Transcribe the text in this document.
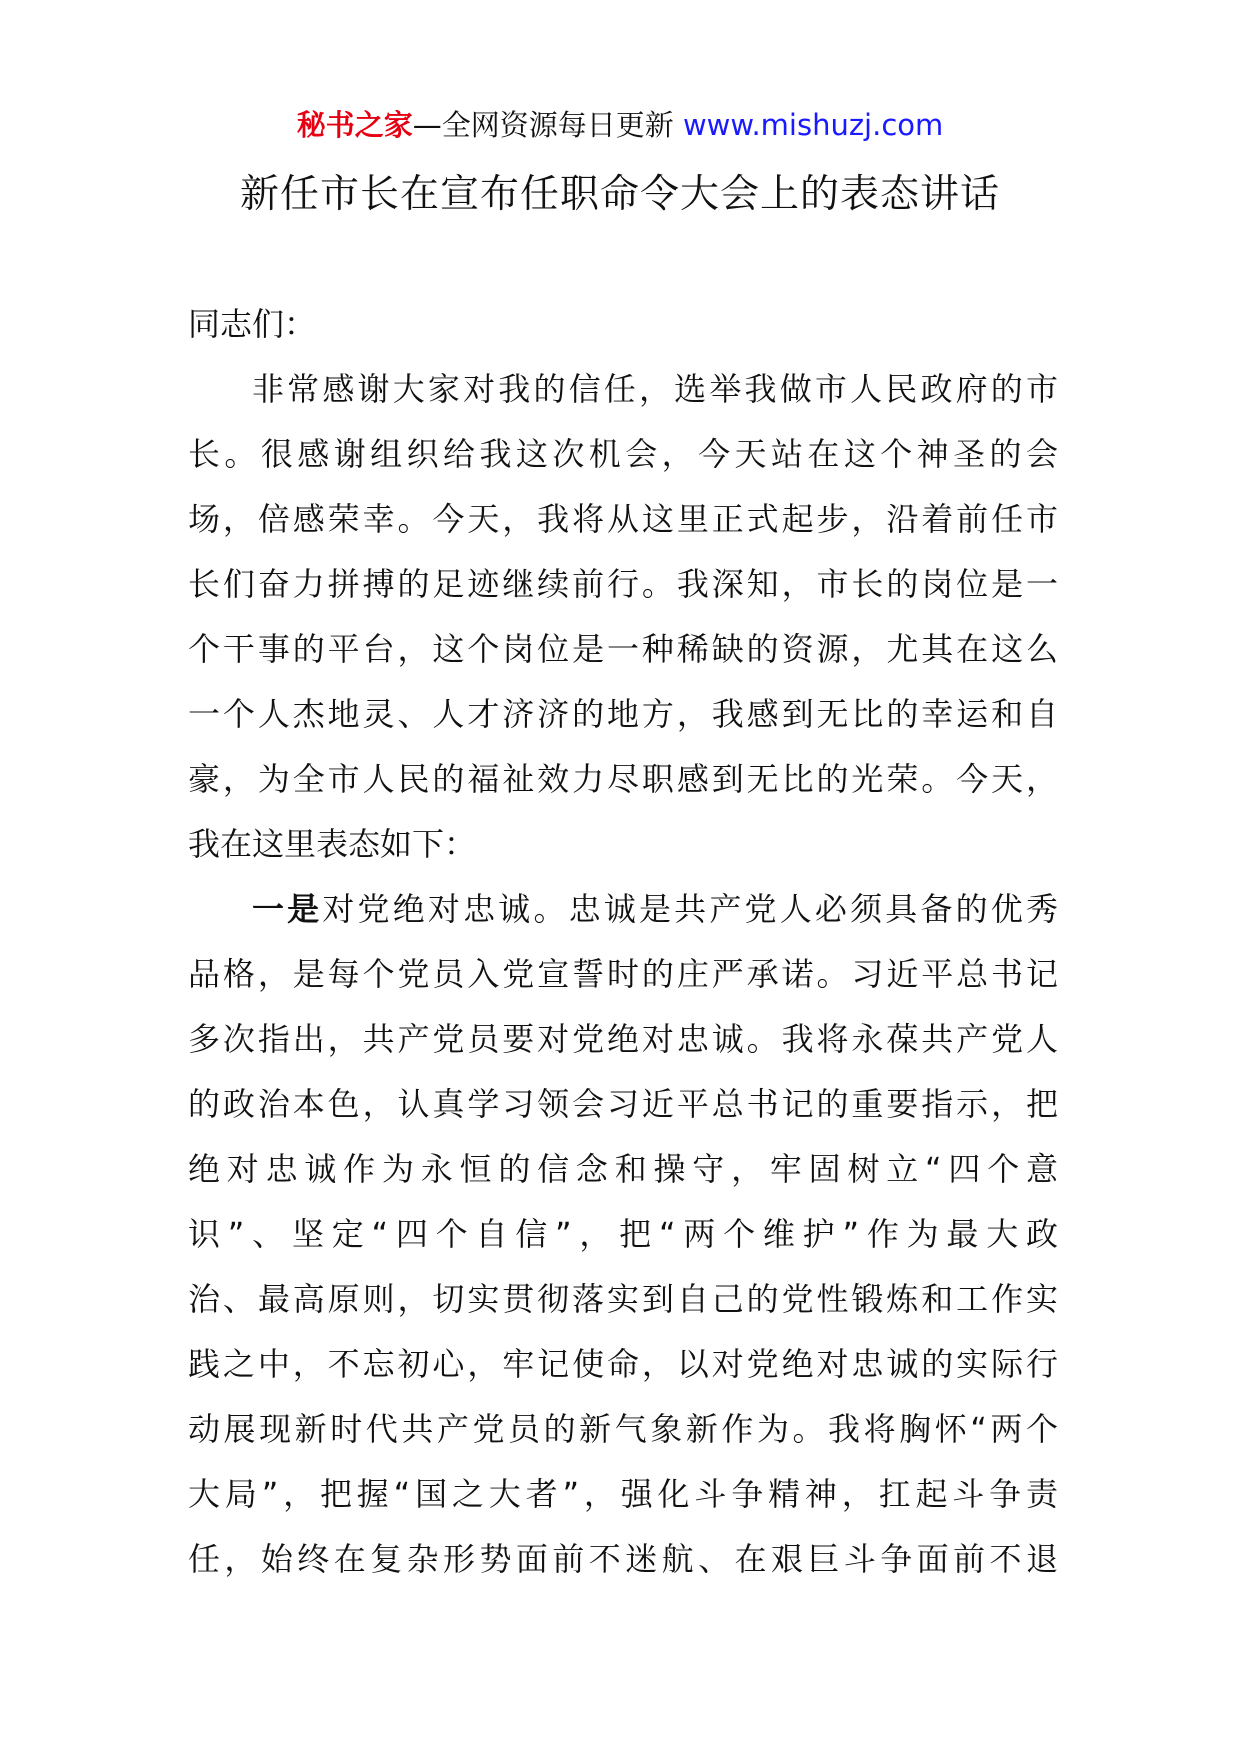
秘书之家—全网资源每日更新 www.mishuzj.com
新任市长在宣布任职命令大会上的表态讲话
同志们：
非常感谢大家对我的信任，选举我做市人民政府的市
长。很感谢组织给我这次机会，今天站在这个神圣的会
场，倍感荣幸。今天，我将从这里正式起步，沿着前任市
长们奋力拼搏的足迹继续前行。我深知，市长的岗位是一
个干事的平台，这个岗位是一种稀缺的资源，尤其在这么
一个人杰地灵、人才济济的地方，我感到无比的幸运和自
豪，为全市人民的福祉效力尽职感到无比的光荣。今天，
我在这里表态如下：
一是对党绝对忠诚。忠诚是共产党人必须具备的优秀
品格，是每个党员入党宣誓时的庄严承诺。习近平总书记
多次指出，共产党员要对党绝对忠诚。我将永葆共产党人
的政治本色，认真学习领会习近平总书记的重要指示，把
绝对忠诚作为永恒的信念和操守，牢固树立“四个意
识”、坚定“四个自信”，把“两个维护”作为最大政
治、最高原则，切实贯彻落实到自己的党性锻炼和工作实
践之中，不忘初心，牢记使命，以对党绝对忠诚的实际行
动展现新时代共产党员的新气象新作为。我将胸怀“两个
大局”，把握“国之大者”，强化斗争精神，扛起斗争责
任，始终在复杂形势面前不迷航、在艰巨斗争面前不退
